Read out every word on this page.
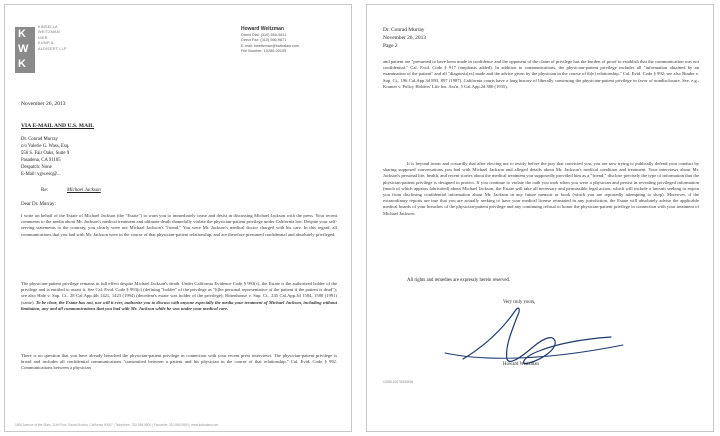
K
W
K
KINSELLA
WEITZMAN
ISER
KUMP &
ALDISERT LLP
Howard Weitzman
Direct Dial: (310) 566-9811
Direct Fax: (310) 566-9871
E-mail: hweitzman@kwikalaw.com
File Number: 10286-00105
November 26, 2013
VIA E-MAIL AND U.S. MAIL
Dr. Conrad Murray
c/o Valerie G. Wass, Esq.
556 S. Fair Oaks, Suite 9
Pasadena, CA 91105
Despatch: None
E-Mail: vgw.esq@...
Re:	Michael Jackson
Dear Dr. Murray:
I write on behalf of the Estate of Michael Jackson (the "Estate") to warn you to immediately cease and desist in discussing Michael Jackson with the press. Your recent comments to the media about Mr. Jackson's medical treatment and ultimate death shamefully violate the physician-patient privilege under California law. Despite your self-serving statements to the contrary, you clearly were not Michael Jackson's "friend." You were Mr. Jackson's medical doctor charged with his care. In this regard, all communications that you had with Mr. Jackson were in the course of that physician-patient relationship, and are therefore presumed confidential and absolutely privileged.
The physician-patient privilege remains in full effect despite Michael Jackson's death. Under California Evidence Code § 993(c), the Estate is the authorized holder of the privilege and is entitled to assert it. See Cal. Evid. Code § 993(c) (defining "holder" of the privilege as "[t]he personal representative of the patient if the patient is dead"); see also Hale v. Sup. Ct., 28 Cal.App.4th 1421, 1423 (1994) (decedent's estate was holder of the privilege); Rittenhouse v. Sup. Ct., 235 Cal.App.3d 1584, 1588 (1991) (same). To be clear, the Estate has not, nor will it ever, authorize you to discuss with anyone especially the media your treatment of Michael Jackson, including without limitation, any and all communications that you had with Mr. Jackson while he was under your medical care.
There is no question that you have already breached the physician-patient privilege in connection with your recent press interviews. The physician-patient privilege is broad and includes all confidential communications "transmitted between a patient and his physician in the course of that relationship." Cal. Evid. Code § 992. Communications between a physician
1800 Avenue of the Stars, 11th Floor, Santa Monica, California 90067 | Telephone: 310.566.9800 | Facsimile: 310.566.9850 | www.kwikalaw.com
Dr. Conrad Murray
November 26, 2013
Page 2
and patient are "presumed to have been made in confidence and the opponent of the claim of privilege has the burden of proof to establish that the communication was not confidential." Cal. Evid. Code § 917 (emphasis added). In addition to communications, the physician-patient privilege includes all "information obtained by an examination of the patient" and all "diagnosis[es] made and the advice given by the physician in the course of th[e] relationship." Cal. Evid. Code § 992; see also Binder v. Sup. Ct., 196 Cal.App.3d 893, 897 (1987). California courts have a long history of liberally construing the physician-patient privilege in favor of nondisclosure. See, e.g., Kramer v. Policy Holders' Life Ins. Ass'n, 5 Cal.App.2d 380 (1935).
It is beyond ironic and cowardly that after electing not to testify before the jury that convicted you, you are now trying to publically defend your conduct by sharing supposed conversations you had with Michael Jackson and alleged details about Mr. Jackson's medical condition and treatment. Your interviews about Mr. Jackson's personal life, health, and recent stories about the medical treatment you supposedly provided him as a "friend," disclose precisely the type of information that the physician-patient privilege is designed to protect. If you continue to violate the oath you took when you were a physician and persist in revealing privileged information (much of which appears fabricated) about Michael Jackson, the Estate will take all necessary and permissible legal action, which will include a lawsuit seeking to enjoin you from disclosing confidential information about Mr. Jackson in any future memoir or book (which you are reportedly attempting to shop). Moreover, if the extraordinary reports are true that you are actually seeking to have your medical license reinstated in any jurisdiction, the Estate will absolutely advise the applicable medical boards of your breaches of the physician-patient privilege and any continuing refusal to honor the physician-patient privilege in connection with your treatment of Michael Jackson.
All rights and remedies are expressly herein reserved.
Very truly yours,
Howard Weitzman
10286-00175/535504
